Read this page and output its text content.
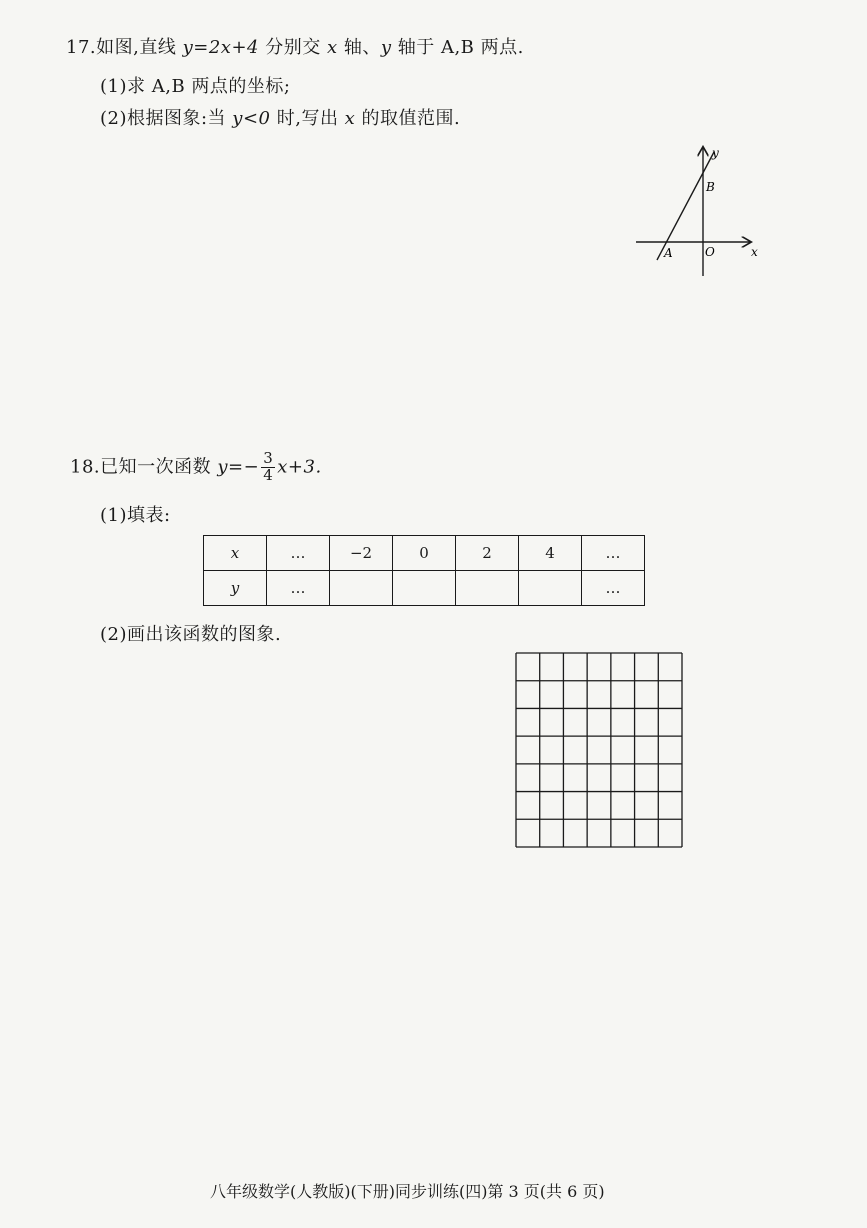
17.如图,直线 y=2x+4 分别交 x 轴、y 轴于 A,B 两点.
(1)求 A,B 两点的坐标;
(2)根据图象:当 y<0 时,写出 x 的取值范围.
y
x
B
A	O
18.已知一次函数 $y=- \frac{3}{4} x+3$.
(1)填表:
x	…	−2	0	2	4	…
y	…					…
(2)画出该函数的图象.
八年级数学(人教版)(下册)同步训练(四)第 3 页(共 6 页)
